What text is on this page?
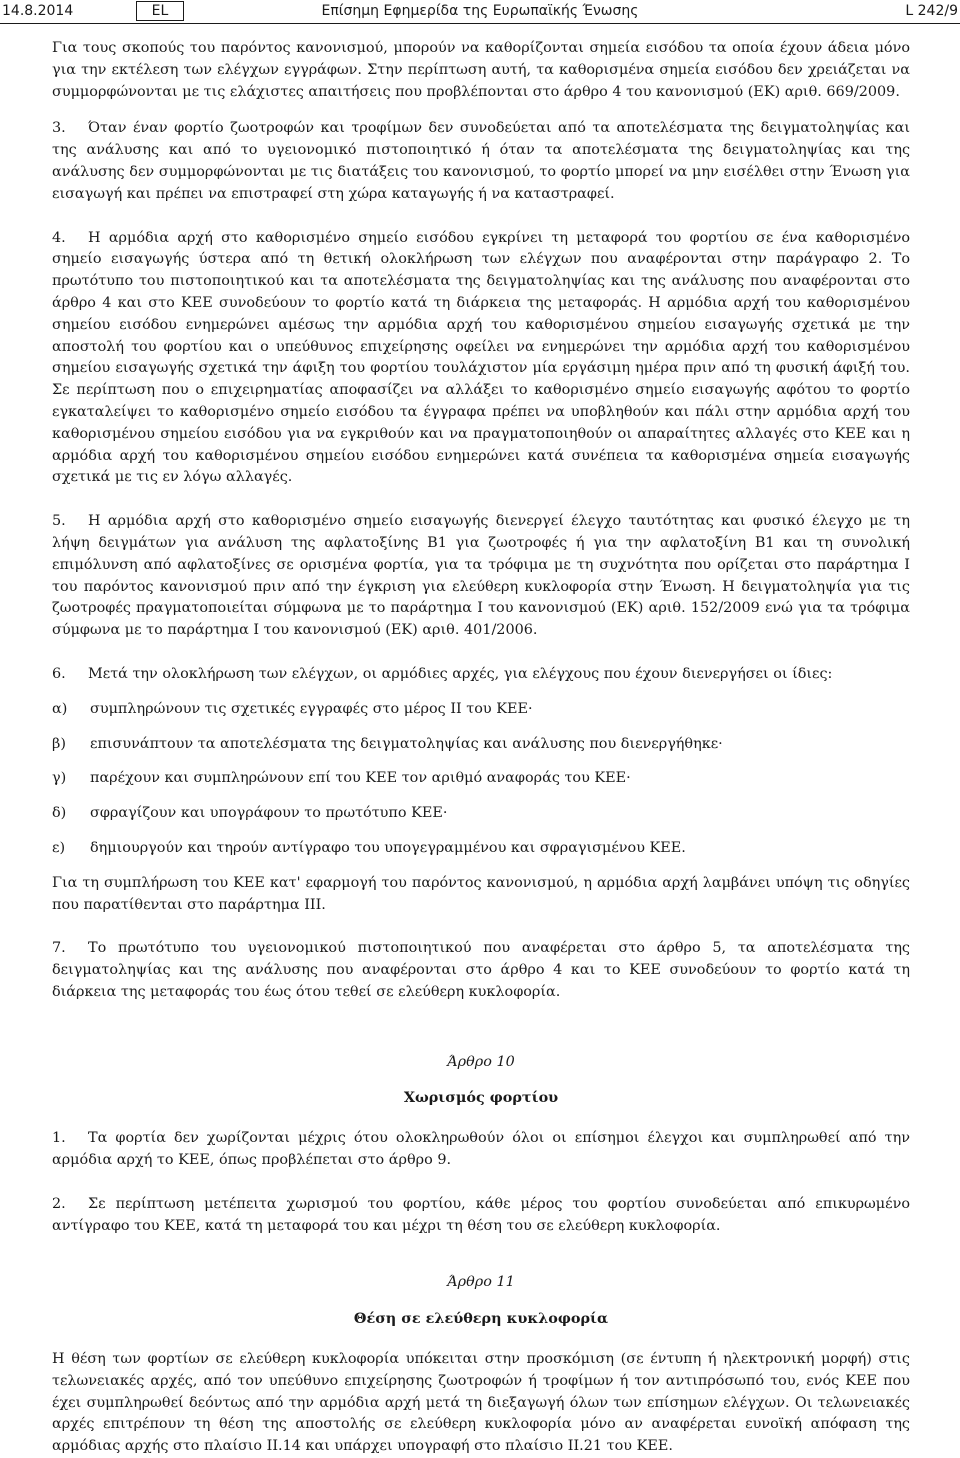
14.8.2014	EL	Επίσημη Εφημερίδα της Ευρωπαϊκής Ένωσης	L 242/9

Για τους σκοπούς του παρόντος κανονισμού, μπορούν να καθορίζονται σημεία εισόδου τα οποία έχουν άδεια μόνο για την εκτέλεση των ελέγχων εγγράφων. Στην περίπτωση αυτή, τα καθορισμένα σημεία εισόδου δεν χρειάζεται να συμμορφώνονται με τις ελάχιστες απαιτήσεις που προβλέπονται στο άρθρο 4 του κανονισμού (ΕΚ) αριθ. 669/2009.

3. Όταν έναν φορτίο ζωοτροφών και τροφίμων δεν συνοδεύεται από τα αποτελέσματα της δειγματοληψίας και της ανάλυσης και από το υγειονομικό πιστοποιητικό ή όταν τα αποτελέσματα της δειγματοληψίας και της ανάλυσης δεν συμμορφώνονται με τις διατάξεις του κανονισμού, το φορτίο μπορεί να μην εισέλθει στην Ένωση για εισαγωγή και πρέπει να επιστραφεί στη χώρα καταγωγής ή να καταστραφεί.

4. Η αρμόδια αρχή στο καθορισμένο σημείο εισόδου εγκρίνει τη μεταφορά του φορτίου σε ένα καθορισμένο σημείο εισαγωγής ύστερα από τη θετική ολοκλήρωση των ελέγχων που αναφέρονται στην παράγραφο 2. Το πρωτότυπο του πιστοποιητικού και τα αποτελέσματα της δειγματοληψίας και της ανάλυσης που αναφέρονται στο άρθρο 4 και στο ΚΕΕ συνοδεύουν το φορτίο κατά τη διάρκεια της μεταφοράς. Η αρμόδια αρχή του καθορισμένου σημείου εισόδου ενημερώνει αμέσως την αρμόδια αρχή του καθορισμένου σημείου εισαγωγής σχετικά με την αποστολή του φορτίου και ο υπεύθυνος επιχείρησης οφείλει να ενημερώνει την αρμόδια αρχή του καθορισμένου σημείου εισαγωγής σχετικά την άφιξη του φορτίου τουλάχιστον μία εργάσιμη ημέρα πριν από τη φυσική άφιξή του. Σε περίπτωση που ο επιχειρηματίας αποφασίζει να αλλάξει το καθορισμένο σημείο εισαγωγής αφότου το φορτίο εγκαταλείψει το καθορισμένο σημείο εισόδου τα έγγραφα πρέπει να υποβληθούν και πάλι στην αρμόδια αρχή του καθορισμένου σημείου εισόδου για να εγκριθούν και να πραγματοποιηθούν οι απαραίτητες αλλαγές στο ΚΕΕ και η αρμόδια αρχή του καθορισμένου σημείου εισόδου ενημερώνει κατά συνέπεια τα καθορισμένα σημεία εισαγωγής σχετικά με τις εν λόγω αλλαγές.

5. Η αρμόδια αρχή στο καθορισμένο σημείο εισαγωγής διενεργεί έλεγχο ταυτότητας και φυσικό έλεγχο με τη λήψη δειγμάτων για ανάλυση της αφλατοξίνης B1 για ζωοτροφές ή για την αφλατοξίνη B1 και τη συνολική επιμόλυνση από αφλατοξίνες σε ορισμένα φορτία, για τα τρόφιμα με τη συχνότητα που ορίζεται στο παράρτημα I του παρόντος κανονισμού πριν από την έγκριση για ελεύθερη κυκλοφορία στην Ένωση. Η δειγματοληψία για τις ζωοτροφές πραγματοποιείται σύμφωνα με το παράρτημα I του κανονισμού (ΕΚ) αριθ. 152/2009 ενώ για τα τρόφιμα σύμφωνα με το παράρτημα I του κανονισμού (ΕΚ) αριθ. 401/2006.

6. Μετά την ολοκλήρωση των ελέγχων, οι αρμόδιες αρχές, για ελέγχους που έχουν διενεργήσει οι ίδιες:

α) συμπληρώνουν τις σχετικές εγγραφές στο μέρος II του ΚΕΕ·

β) επισυνάπτουν τα αποτελέσματα της δειγματοληψίας και ανάλυσης που διενεργήθηκε·

γ) παρέχουν και συμπληρώνουν επί του ΚΕΕ τον αριθμό αναφοράς του ΚΕΕ·

δ) σφραγίζουν και υπογράφουν το πρωτότυπο ΚΕΕ·

ε) δημιουργούν και τηρούν αντίγραφο του υπογεγραμμένου και σφραγισμένου ΚΕΕ.

Για τη συμπλήρωση του ΚΕΕ κατ' εφαρμογή του παρόντος κανονισμού, η αρμόδια αρχή λαμβάνει υπόψη τις οδηγίες που παρατίθενται στο παράρτημα III.

7. Το πρωτότυπο του υγειονομικού πιστοποιητικού που αναφέρεται στο άρθρο 5, τα αποτελέσματα της δειγματοληψίας και της ανάλυσης που αναφέρονται στο άρθρο 4 και το ΚΕΕ συνοδεύουν το φορτίο κατά τη διάρκεια της μεταφοράς του έως ότου τεθεί σε ελεύθερη κυκλοφορία.

Άρθρο 10

Χωρισμός φορτίου

1. Τα φορτία δεν χωρίζονται μέχρις ότου ολοκληρωθούν όλοι οι επίσημοι έλεγχοι και συμπληρωθεί από την αρμόδια αρχή το ΚΕΕ, όπως προβλέπεται στο άρθρο 9.

2. Σε περίπτωση μετέπειτα χωρισμού του φορτίου, κάθε μέρος του φορτίου συνοδεύεται από επικυρωμένο αντίγραφο του ΚΕΕ, κατά τη μεταφορά του και μέχρι τη θέση του σε ελεύθερη κυκλοφορία.

Άρθρο 11

Θέση σε ελεύθερη κυκλοφορία

Η θέση των φορτίων σε ελεύθερη κυκλοφορία υπόκειται στην προσκόμιση (σε έντυπη ή ηλεκτρονική μορφή) στις τελωνειακές αρχές, από τον υπεύθυνο επιχείρησης ζωοτροφών ή τροφίμων ή τον αντιπρόσωπό του, ενός ΚΕΕ που έχει συμπληρωθεί δεόντως από την αρμόδια αρχή μετά τη διεξαγωγή όλων των επίσημων ελέγχων. Οι τελωνειακές αρχές επιτρέπουν τη θέση της αποστολής σε ελεύθερη κυκλοφορία μόνο αν αναφέρεται ευνοϊκή απόφαση της αρμόδιας αρχής στο πλαίσιο II.14 και υπάρχει υπογραφή στο πλαίσιο II.21 του ΚΕΕ.
